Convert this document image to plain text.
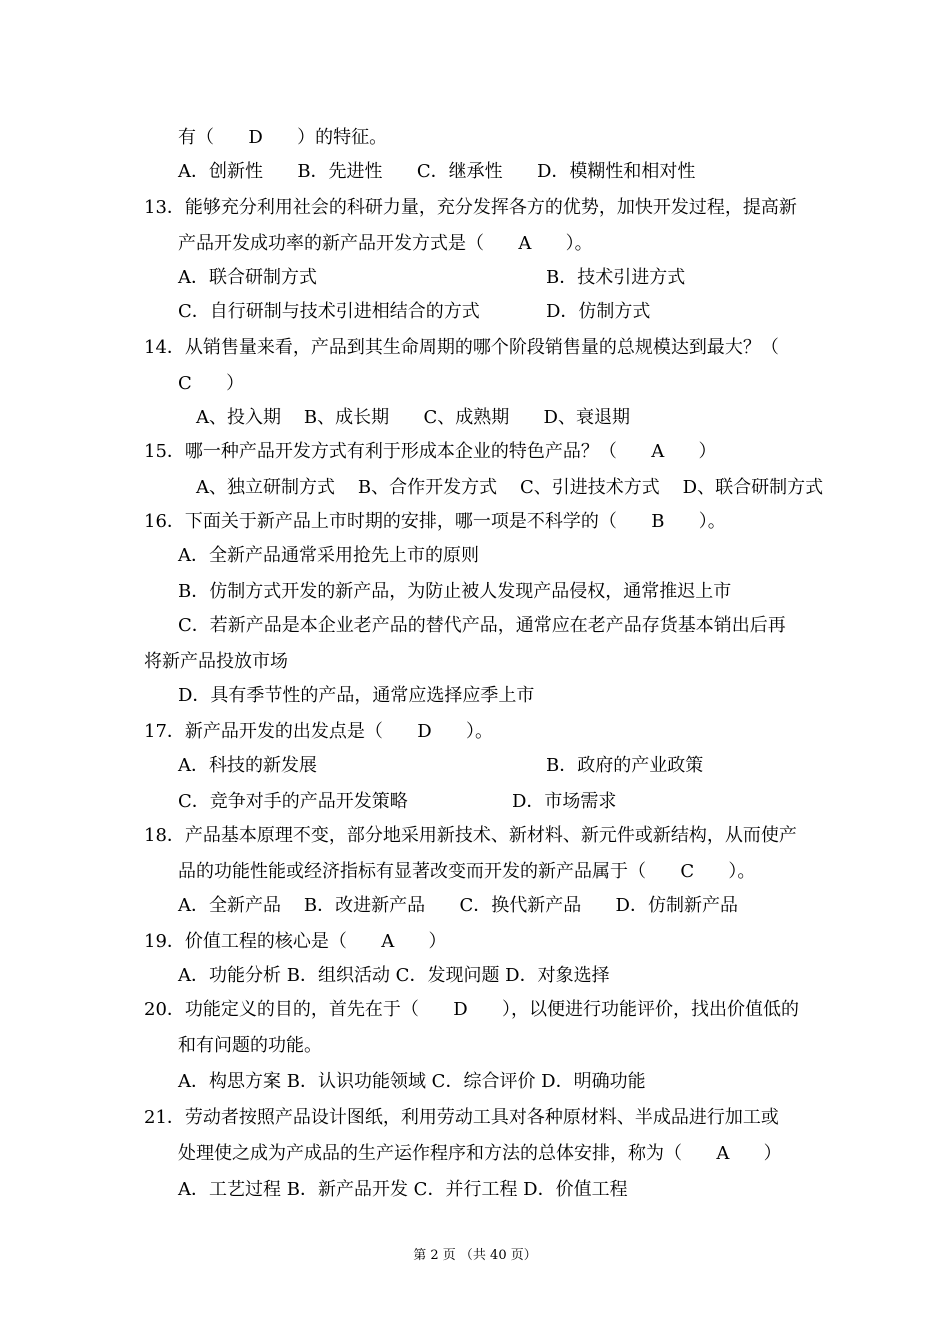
有（      D      ）的特征。
A．创新性      B．先进性      C．继承性      D．模糊性和相对性
13．能够充分利用社会的科研力量，充分发挥各方的优势，加快开发过程，提高新
产品开发成功率的新产品开发方式是（      A      ）。
A．联合研制方式	B．技术引进方式
C．自行研制与技术引进相结合的方式	D．仿制方式
14．从销售量来看，产品到其生命周期的哪个阶段销售量的总规模达到最大？（
C      ）
A、投入期    B、成长期      C、成熟期      D、衰退期
15．哪一种产品开发方式有利于形成本企业的特色产品？（      A      ）
A、独立研制方式    B、合作开发方式    C、引进技术方式    D、联合研制方式
16．下面关于新产品上市时期的安排，哪一项是不科学的（      B      ）。
A．全新产品通常采用抢先上市的原则
B．仿制方式开发的新产品，为防止被人发现产品侵权，通常推迟上市
C．若新产品是本企业老产品的替代产品，通常应在老产品存货基本销出后再
将新产品投放市场
D．具有季节性的产品，通常应选择应季上市
17．新产品开发的出发点是（      D      ）。
A．科技的新发展	B．政府的产业政策
C．竞争对手的产品开发策略	D．市场需求
18．产品基本原理不变，部分地采用新技术、新材料、新元件或新结构，从而使产
品的功能性能或经济指标有显著改变而开发的新产品属于（      C      ）。
A．全新产品    B．改进新产品      C．换代新产品      D．仿制新产品
19．价值工程的核心是（      A      ）
A．功能分析 B．组织活动 C．发现问题 D．对象选择
20．功能定义的目的，首先在于（      D      ），以便进行功能评价，找出价值低的
和有问题的功能。
A．构思方案 B．认识功能领域 C．综合评价 D．明确功能
21．劳动者按照产品设计图纸，利用劳动工具对各种原材料、半成品进行加工或
处理使之成为产成品的生产运作程序和方法的总体安排，称为（      A      ）
A．工艺过程 B．新产品开发 C．并行工程 D．价值工程
第 2 页 （共 40 页）
